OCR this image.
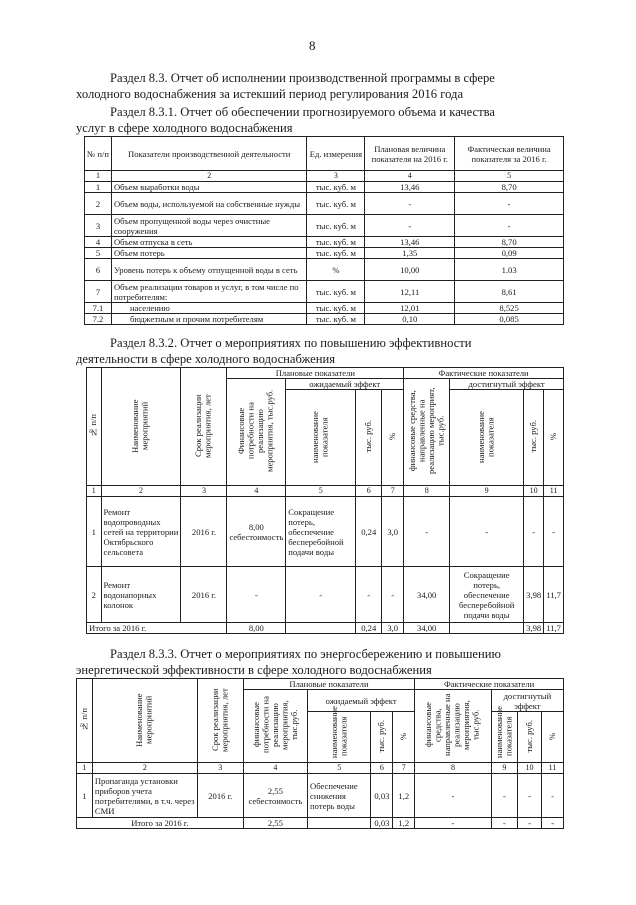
8
Раздел 8.3. Отчет об исполнении производственной программы в сфере
холодного водоснабжения за истекший период регулирования 2016 года
Раздел 8.3.1. Отчет об обеспечении прогнозируемого объема и качества
услуг в сфере холодного водоснабжения
№ п/п	Показатели производственной деятельности	Ед. измерения	Плановая величина показателя на 2016 г.	Фактическая величина показателя за 2016 г.
1	2	3	4	5
1	Объем выработки воды	тыс. куб. м	13,46	8,70
2	Объем воды, используемой на собственные нужды	тыс. куб. м	-	-
3	Объем пропущенной воды через очистные сооружения	тыс. куб. м	-	-
4	Объем отпуска в сеть	тыс. куб. м	13,46	8,70
5	Объем потерь	тыс. куб. м	1,35	0,09
6	Уровень потерь к объему отпущенной воды в сеть	%	10,00	1.03
7	Объем реализации товаров и услуг, в том числе по потребителям:	тыс. куб. м	12,11	8,61
7.1	населению	тыс. куб. м	12,01	8,525
7.2	бюджетным и прочим потребителям	тыс. куб. м	0,10	0,085
Раздел 8.3.2. Отчет о мероприятиях по повышению эффективности
деятельности в сфере холодного водоснабжения
№ п/п	Наименование мероприятий	Срок реализации мероприятия, лет	Плановые показатели				Фактические показатели			
			Финансовые потребности на реализацию мероприятия, тыс.руб.	ожидаемый эффект			финансовые средства, направленные на реализацию мероприят, тыс.руб.	достигнутый эффект		
				наименование показателя	тыс. руб.	%		наименование показателя	тыс. руб.	%
1	2	3	4	5	6	7	8	9	10	11
1	Ремонт водопроводных сетей на территории Октябрьского сельсовета	2016 г.	8,00 себестоимость	Сокращение потерь, обеспечение бесперебойной подачи воды	0,24	3,0	-	-	-	-
2	Ремонт водонапорных колонок	2016 г.	-	-	-	-	34,00	Сокращение потерь, обеспечение бесперебойной подачи воды	3,98	11,7
Итого за 2016 г.			8,00		0,24	3,0	34,00		3,98	11,7
Раздел 8.3.3. Отчет о мероприятиях по энергосбережению и повышению
энергетической эффективности в сфере холодного водоснабжения
№ п/п	Наименование мероприятий	Срок реализации мероприятия, лет	Плановые показатели				Фактические показатели			
			финансовые потребности на реализацию мероприятия, тыс.руб.	ожидаемый эффект			финансовые средства, направленные на реализацию мероприятия, тыс.руб.	достигнутый эффект		
				наименование показателя	тыс. руб.	%		наименование показателя	тыс. руб.	%
1	2	3	4	5	6	7	8	9	10	11
1	Пропаганда установки приборов учета потребителями, в т.ч. через СМИ	2016 г.	2,55 себестоимость	Обеспечение снижения потерь воды	0,03	1,2	-	-	-	-
Итого за 2016 г.			2,55		0,03	1,2	-	-	-	-
